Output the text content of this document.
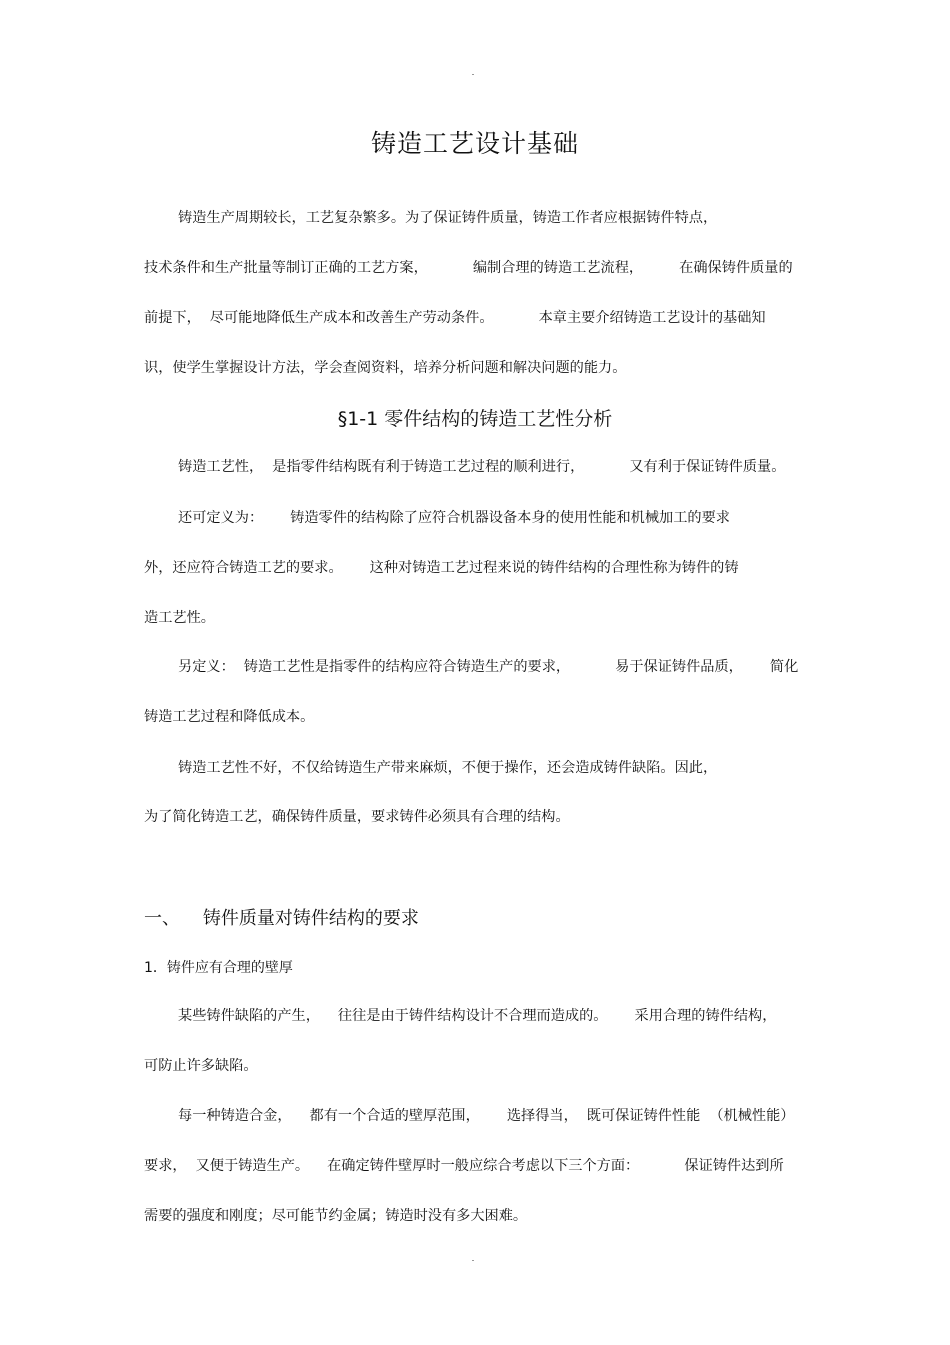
铸造工艺设计基础
铸造生产周期较长，工艺复杂繁多。为了保证铸件质量，铸造工作者应根据铸件特点，
技术条件和生产批量等制订正确的工艺方案，          编制合理的铸造工艺流程，        在确保铸件质量的
前提下，  尽可能地降低生产成本和改善生产劳动条件。          本章主要介绍铸造工艺设计的基础知
识，使学生掌握设计方法，学会查阅资料，培养分析问题和解决问题的能力。
§1-1 零件结构的铸造工艺性分析
铸造工艺性，  是指零件结构既有利于铸造工艺过程的顺利进行，          又有利于保证铸件质量。
还可定义为：      铸造零件的结构除了应符合机器设备本身的使用性能和机械加工的要求
外，还应符合铸造工艺的要求。      这种对铸造工艺过程来说的铸件结构的合理性称为铸件的铸
造工艺性。
另定义：  铸造工艺性是指零件的结构应符合铸造生产的要求，          易于保证铸件品质，      简化
铸造工艺过程和降低成本。
铸造工艺性不好，不仅给铸造生产带来麻烦，不便于操作，还会造成铸件缺陷。因此，
为了简化铸造工艺，确保铸件质量，要求铸件必须具有合理的结构。
一、    铸件质量对铸件结构的要求
1．铸件应有合理的壁厚
某些铸件缺陷的产生，    往往是由于铸件结构设计不合理而造成的。      采用合理的铸件结构，
可防止许多缺陷。
每一种铸造合金，    都有一个合适的壁厚范围，      选择得当，  既可保证铸件性能  （机械性能）
要求，  又便于铸造生产。    在确定铸件壁厚时一般应综合考虑以下三个方面：          保证铸件达到所
需要的强度和刚度；尽可能节约金属；铸造时没有多大困难。
